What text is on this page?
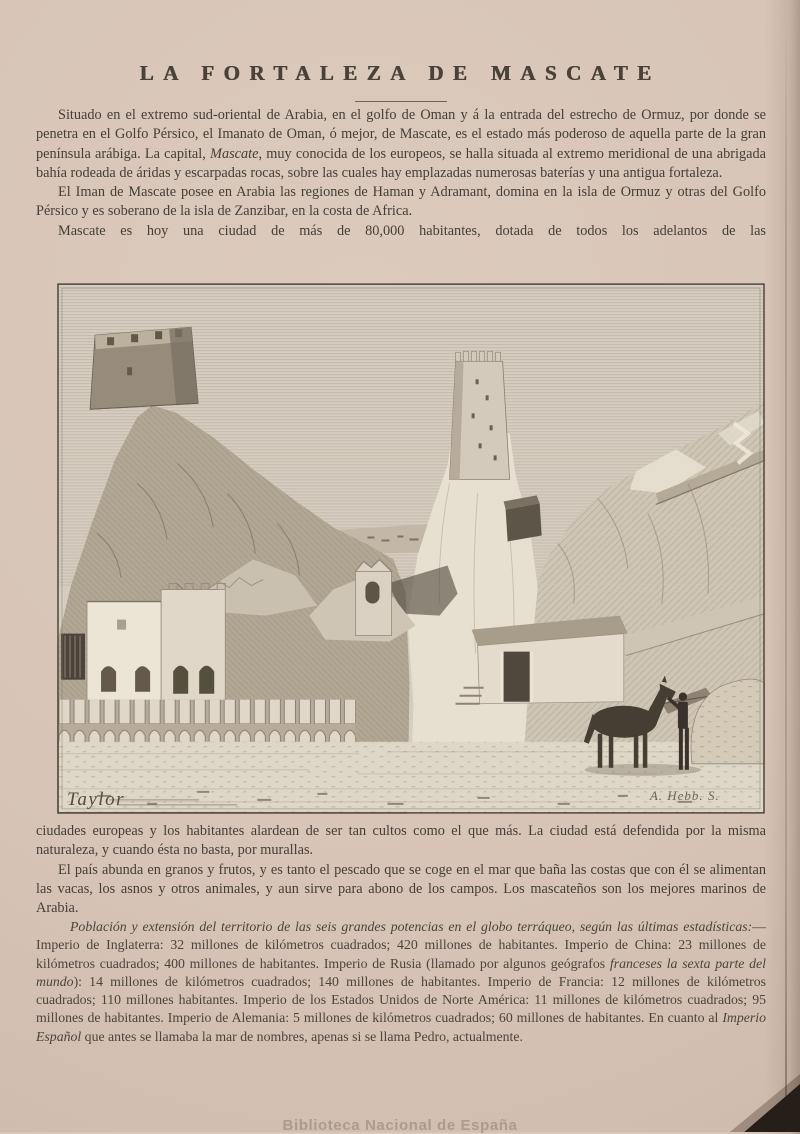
LA FORTALEZA DE MASCATE

Situado en el extremo sud-oriental de Arabia, en el golfo de Oman y á la entrada del estrecho de Ormuz, por donde se penetra en el Golfo Pérsico, el Imanato de Oman, ó mejor, de Mascate, es el estado más poderoso de aquella parte de la gran península arábiga. La capital, Mascate, muy conocida de los europeos, se halla situada al extremo meridional de una abrigada bahía rodeada de áridas y escarpadas rocas, sobre las cuales hay emplazadas numerosas baterías y una antigua fortaleza.

El Iman de Mascate posee en Arabia las regiones de Haman y Adramant, domina en la isla de Ormuz y otras del Golfo Pérsico y es soberano de la isla de Zanzibar, en la costa de Africa.

Mascate es hoy una ciudad de más de 80,000 habitantes, dotada de todos los adelantos de las

Taylor	A. Hebb. S.

ciudades europeas y los habitantes alardean de ser tan cultos como el que más. La ciudad está defendida por la misma naturaleza, y cuando ésta no basta, por murallas.

El país abunda en granos y frutos, y es tanto el pescado que se coge en el mar que baña las costas que con él se alimentan las vacas, los asnos y otros animales, y aun sirve para abono de los campos. Los mascateños son los mejores marinos de Arabia.

Población y extensión del territorio de las seis grandes potencias en el globo terráqueo, según las últimas estadísticas:—Imperio de Inglaterra: 32 millones de kilómetros cuadrados; 420 millones de habitantes. Imperio de China: 23 millones de kilómetros cuadrados; 400 millones de habitantes. Imperio de Rusia (llamado por algunos geógrafos franceses la sexta parte del mundo): 14 millones de kilómetros cuadrados; 140 millones de habitantes. Imperio de Francia: 12 millones de kilómetros cuadrados; 110 millones habitantes. Imperio de los Estados Unidos de Norte América: 11 millones de kilómetros cuadrados; 95 millones de habitantes. Imperio de Alemania: 5 millones de kilómetros cuadrados; 60 millones de habitantes. En cuanto al Imperio Español que antes se llamaba la mar de nombres, apenas si se llama Pedro, actualmente.

Biblioteca Nacional de España
